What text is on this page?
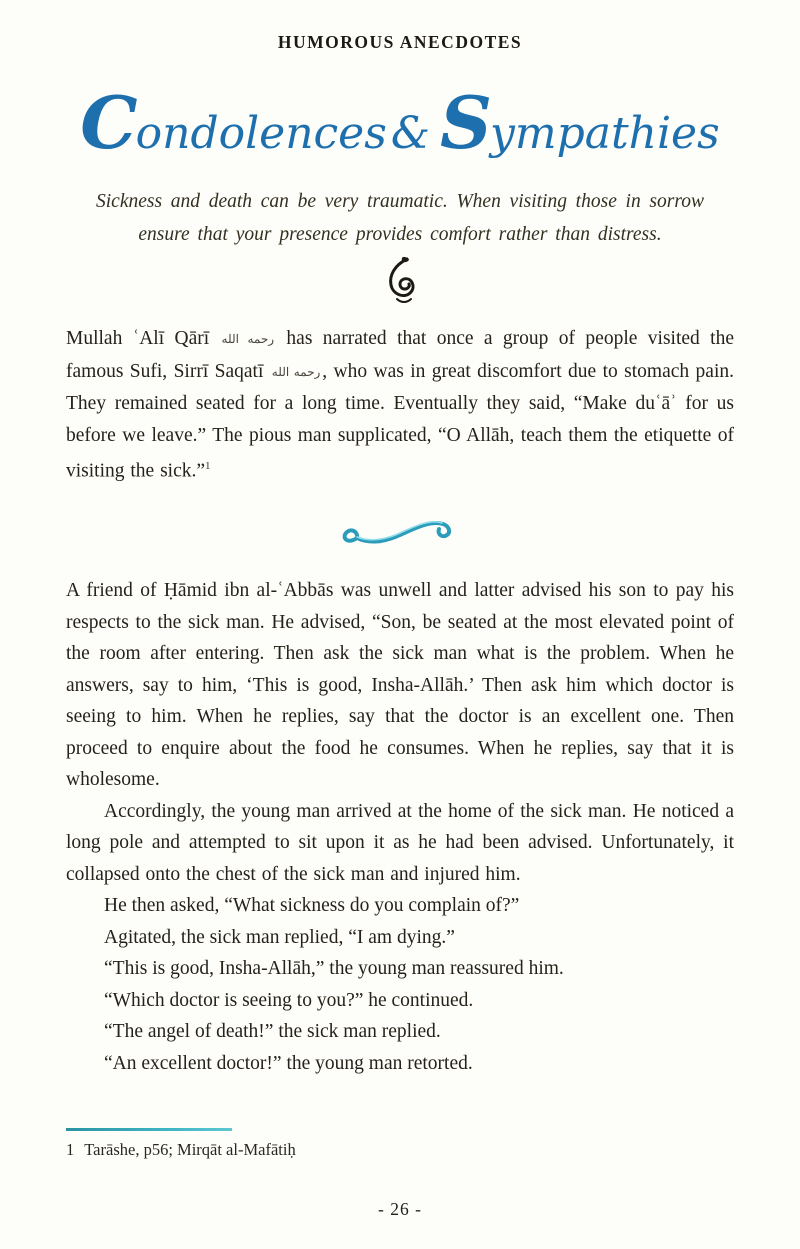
HUMOROUS ANECDOTES
Condolences& Sympathies
Sickness and death can be very traumatic. When visiting those in sorrow ensure that your presence provides comfort rather than distress.

Mullah ʿAlī Qārī رحمه الله has narrated that once a group of people visited the famous Sufi, Sirrī Saqatī رحمه الله , who was in great discomfort due to stomach pain. They remained seated for a long time. Eventually they said, “Make duʿāʾ for us before we leave.” The pious man supplicated, “O Allāh, teach them the etiquette of visiting the sick.”$^1$

A friend of Ḥāmid ibn al-ʿAbbās was unwell and latter advised his son to pay his respects to the sick man. He advised, “Son, be seated at the most elevated point of the room after entering. Then ask the sick man what is the problem. When he answers, say to him, ‘This is good, Insha-Allāh.’ Then ask him which doctor is seeing to him. When he replies, say that the doctor is an excellent one. Then proceed to enquire about the food he consumes. When he replies, say that it is wholesome.

Accordingly, the young man arrived at the home of the sick man. He noticed a long pole and attempted to sit upon it as he had been advised. Unfortunately, it collapsed onto the chest of the sick man and injured him.

He then asked, “What sickness do you complain of?”

Agitated, the sick man replied, “I am dying.”

“This is good, Insha-Allāh,” the young man reassured him.

“Which doctor is seeing to you?” he continued.

“The angel of death!” the sick man replied.

“An excellent doctor!” the young man retorted.

1 Tarāshe, p56; Mirqāt al-Mafātiḥ
- 26 -
